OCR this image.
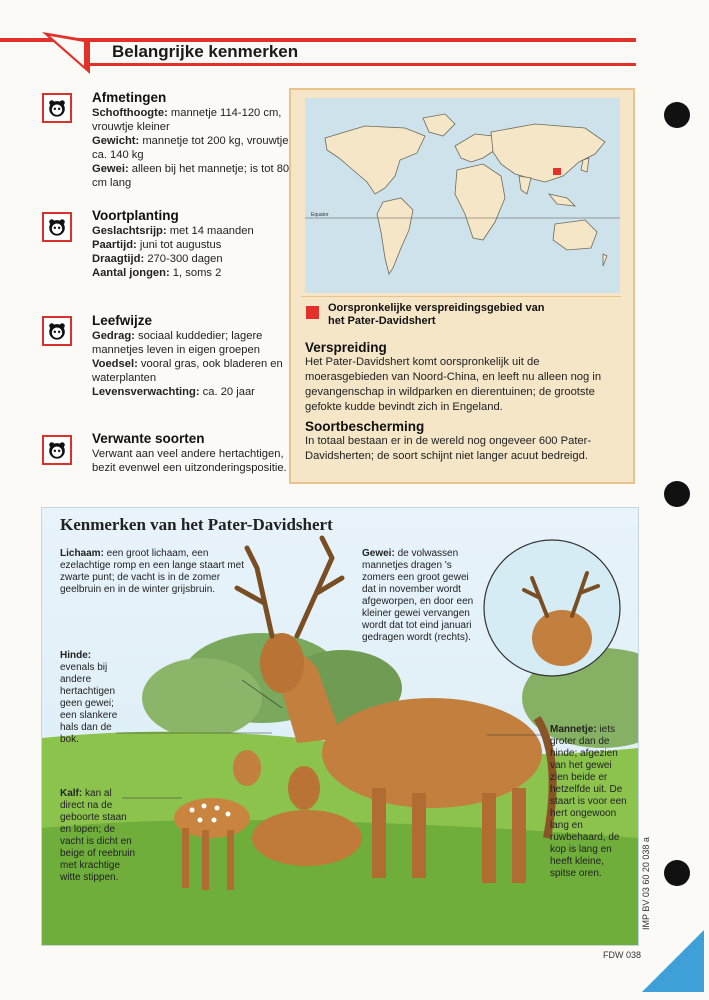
Belangrijke kenmerken
Afmetingen
Schofthoogte: mannetje 114-120 cm, vrouwtje kleiner
Gewicht: mannetje tot 200 kg, vrouwtje ca. 140 kg
Gewei: alleen bij het mannetje; is tot 80 cm lang
Voortplanting
Geslachtsrijp: met 14 maanden
Paartijd: juni tot augustus
Draagtijd: 270-300 dagen
Aantal jongen: 1, soms 2
Leefwijze
Gedrag: sociaal kuddedier; lagere mannetjes leven in eigen groepen
Voedsel: vooral gras, ook bladeren en waterplanten
Levensverwachting: ca. 20 jaar
Verwante soorten
Verwant aan veel andere hertachtigen, bezit evenwel een uitzonderingspositie.
Equator
Oorspronkelijke verspreidingsgebied van het Pater-Davidshert
Verspreiding
Het Pater-Davidshert komt oorspronkelijk uit de moerasgebieden van Noord-China, en leeft nu alleen nog in gevangenschap in wildparken en dierentuinen; de grootste gefokte kudde bevindt zich in Engeland.
Soortbescherming
In totaal bestaan er in de wereld nog ongeveer 600 Pater-Davidsherten; de soort schijnt niet langer acuut bedreigd.
Kenmerken van het Pater-Davidshert
Lichaam: een groot lichaam, een ezelachtige romp en een lange staart met zwarte punt; de vacht is in de zomer geelbruin en in de winter grijsbruin.
Gewei: de volwassen mannetjes dragen 's zomers een groot gewei dat in november wordt afgeworpen, en door een kleiner gewei vervangen wordt dat tot eind januari gedragen wordt (rechts).
Hinde: evenals bij andere hertachtigen geen gewei; een slankere hals dan de bok.
Mannetje: iets groter dan de hinde; afgezien van het gewei zien beide er hetzelfde uit. De staart is voor een hert ongewoon lang en ruwbehaard, de kop is lang en heeft kleine, spitse oren.
Kalf: kan al direct na de geboorte staan en lopen; de vacht is dicht en beige of reebruin met krachtige witte stippen.
FDW 038
IMP BV 03 60 20 038 a
